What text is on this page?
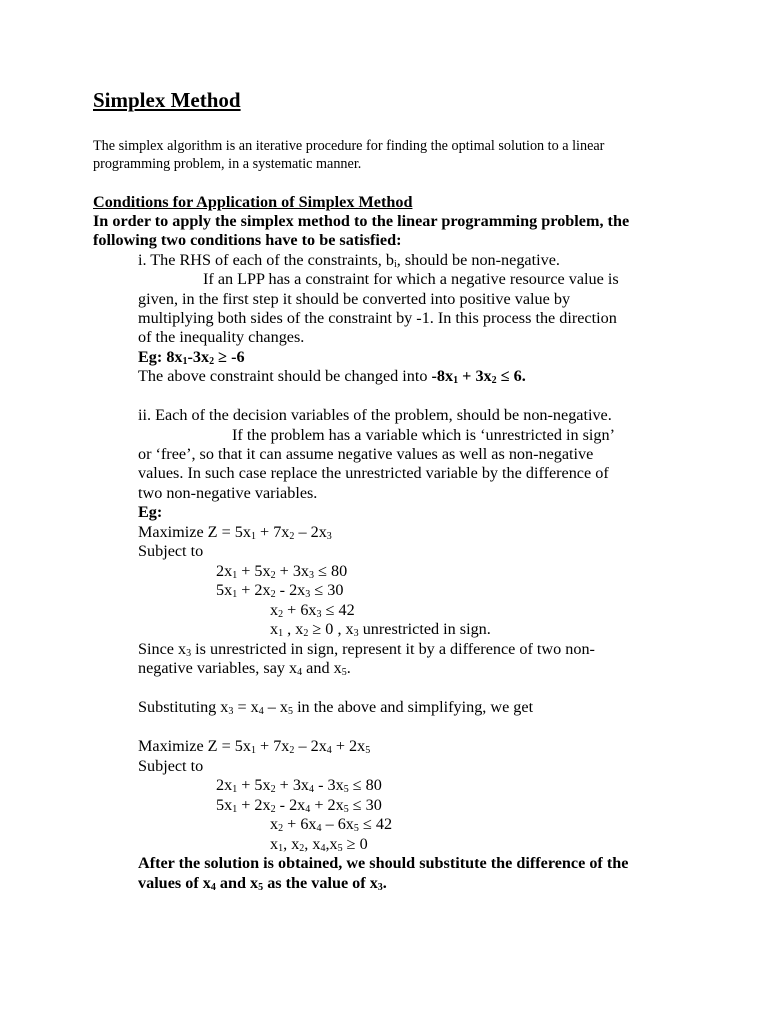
Simplex Method
The simplex algorithm is an iterative procedure for finding the optimal solution to a linear
programming problem, in a systematic manner.
Conditions for Application of Simplex Method
In order to apply the simplex method to the linear programming problem, the
following two conditions have to be satisfied:
i. The RHS of each of the constraints, $b_i$, should be non-negative.
If an LPP has a constraint for which a negative resource value is
given, in the first step it should be converted into positive value by
multiplying both sides of the constraint by -1. In this process the direction
of the inequality changes.
Eg: $8x_1-3x_2 \ge -6$
The above constraint should be changed into $-8x_1 + 3x_2 \le 6$.
ii. Each of the decision variables of the problem, should be non-negative.
If the problem has a variable which is ‘unrestricted in sign’
or ‘free’, so that it can assume negative values as well as non-negative
values. In such case replace the unrestricted variable by the difference of
two non-negative variables.
Eg:
Maximize $Z = 5x_1 + 7x_2 - 2x_3$
Subject to
$2x_1 + 5x_2 + 3x_3 \le 80$
$5x_1 + 2x_2 - 2x_3 \le 30$
$x_2 + 6x_3 \le 42$
$x_1$ , $x_2 \ge 0$ , $x_3$ unrestricted in sign.
Since $x_3$ is unrestricted in sign, represent it by a difference of two non-
negative variables, say $x_4$ and $x_5$.
Substituting $x_3 = x_4 - x_5$ in the above and simplifying, we get
Maximize $Z = 5x_1 + 7x_2 - 2x_4 + 2x_5$
Subject to
$2x_1 + 5x_2 + 3x_4 - 3x_5 \le 80$
$5x_1 + 2x_2 - 2x_4 + 2x_5 \le 30$
$x_2 + 6x_4 - 6x_5 \le 42$
$x_1$, $x_2$, $x_4,x_5 \ge 0$
After the solution is obtained, we should substitute the difference of the
values of $x_4$ and $x_5$ as the value of $x_3$.
